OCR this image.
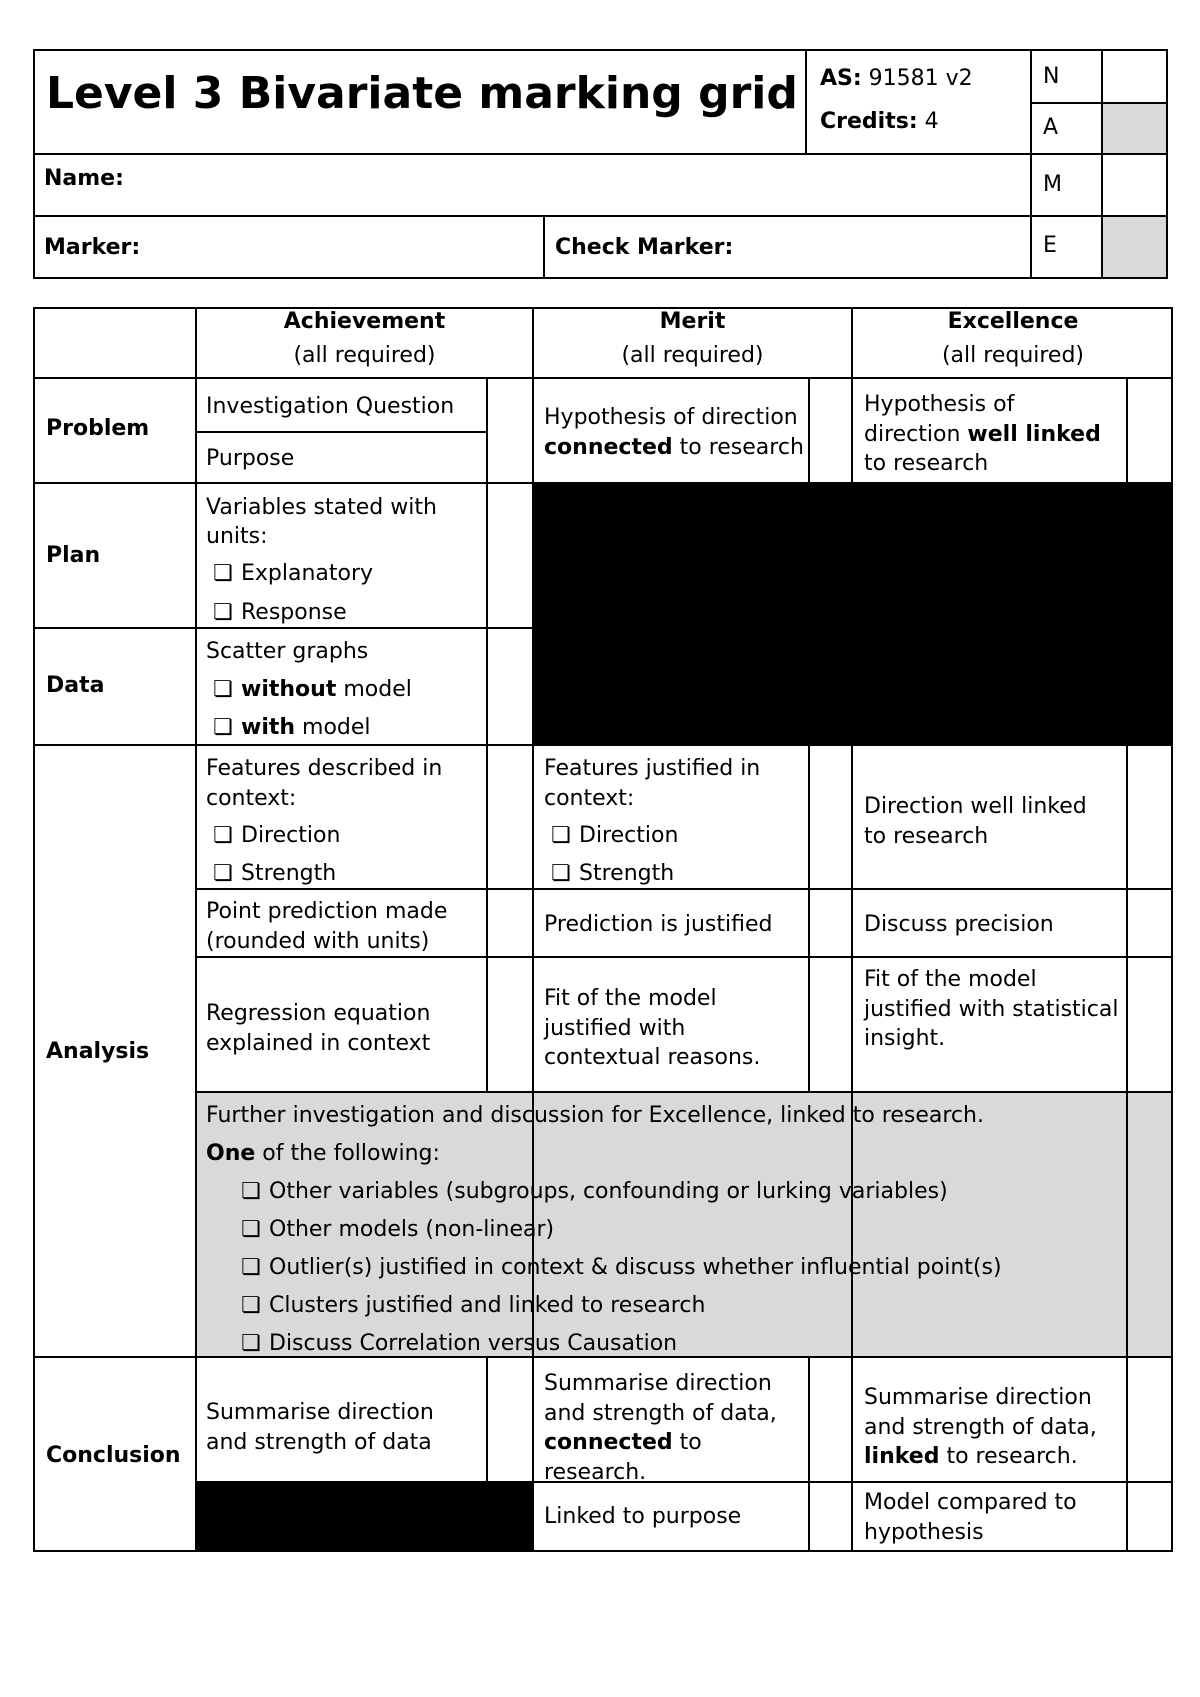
Level 3 Bivariate marking grid AS: 91581 v2
Credits: 4
N
A
M
E
Name:
Marker:	Check Marker:
Achievement
(all required)
Merit
(all required)
Excellence
(all required)
Problem
Plan
Data
Analysis
Conclusion
Investigation Question
Purpose
Hypothesis of direction
connected to research
Hypothesis of
direction well linked
to research
Variables stated with
units:
❏ Explanatory
❏ Response
Scatter graphs
❏ without model
❏ with model
Features described in
context:
❏ Direction
❏ Strength
Features justified in
context:
❏ Direction
❏ Strength
Direction well linked
to research
Point prediction made
(rounded with units)
Prediction is justified	Discuss precision
Regression equation
explained in context
Fit of the model
justified with
contextual reasons.
Fit of the model
justified with statistical
insight.
Further investigation and discussion for Excellence, linked to research.
One of the following:
❏ Other variables (subgroups, confounding or lurking variables)
❏ Other models (non-linear)
❏ Outlier(s) justified in context & discuss whether influential point(s)
❏ Clusters justified and linked to research
❏ Discuss Correlation versus Causation
Summarise direction
and strength of data
Summarise direction
and strength of data,
connected to
research.
Summarise direction
and strength of data,
linked to research.
Linked to purpose
Model compared to
hypothesis
